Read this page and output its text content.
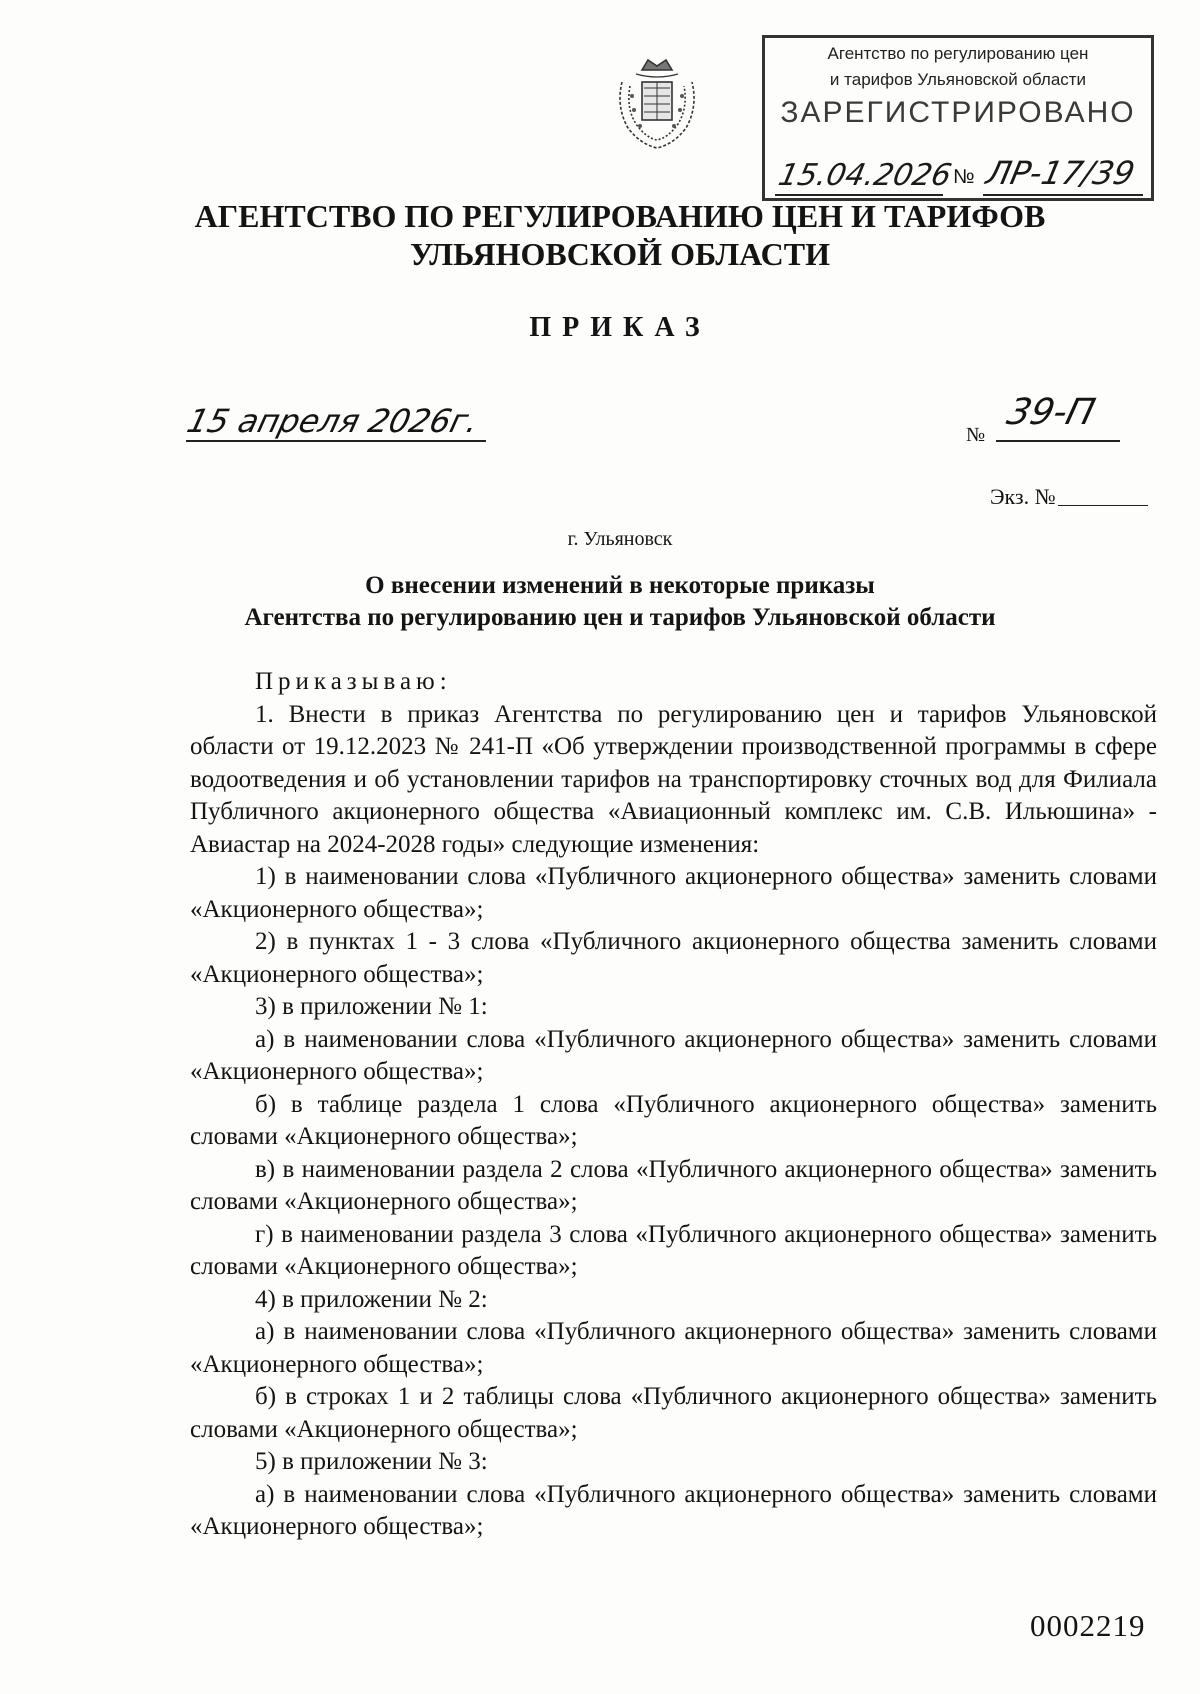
Агентство по регулированию цен
и тарифов Ульяновской области
ЗАРЕГИСТРИРОВАНО
15.04.2026
№ ЛР-17/39
АГЕНТСТВО ПО РЕГУЛИРОВАНИЮ ЦЕН И ТАРИФОВ
УЛЬЯНОВСКОЙ ОБЛАСТИ
ПРИКАЗ
15 апреля 2026г.	№
39-П
Экз. №
г. Ульяновск
О внесении изменений в некоторые приказы
Агентства по регулированию цен и тарифов Ульяновской области

Приказываю:

1. Внести в приказ Агентства по регулированию цен и тарифов Ульяновской области от 19.12.2023 № 241-П «Об утверждении производственной программы в сфере водоотведения и об установлении тарифов на транспортировку сточных вод для Филиала Публичного акционерного общества «Авиационный комплекс им. С.В. Ильюшина» - Авиастар на 2024-2028 годы» следующие изменения:

1) в наименовании слова «Публичного акционерного общества» заменить словами «Акционерного общества»;

2) в пунктах 1 - 3 слова «Публичного акционерного общества заменить словами «Акционерного общества»;

3) в приложении № 1:

а) в наименовании слова «Публичного акционерного общества» заменить словами «Акционерного общества»;

б) в таблице раздела 1 слова «Публичного акционерного общества» заменить словами «Акционерного общества»;

в) в наименовании раздела 2 слова «Публичного акционерного общества» заменить словами «Акционерного общества»;

г) в наименовании раздела 3 слова «Публичного акционерного общества» заменить словами «Акционерного общества»;

4) в приложении № 2:

а) в наименовании слова «Публичного акционерного общества» заменить словами «Акционерного общества»;

б) в строках 1 и 2 таблицы слова «Публичного акционерного общества» заменить словами «Акционерного общества»;

5) в приложении № 3:

а) в наименовании слова «Публичного акционерного общества» заменить словами «Акционерного общества»;

0002219
